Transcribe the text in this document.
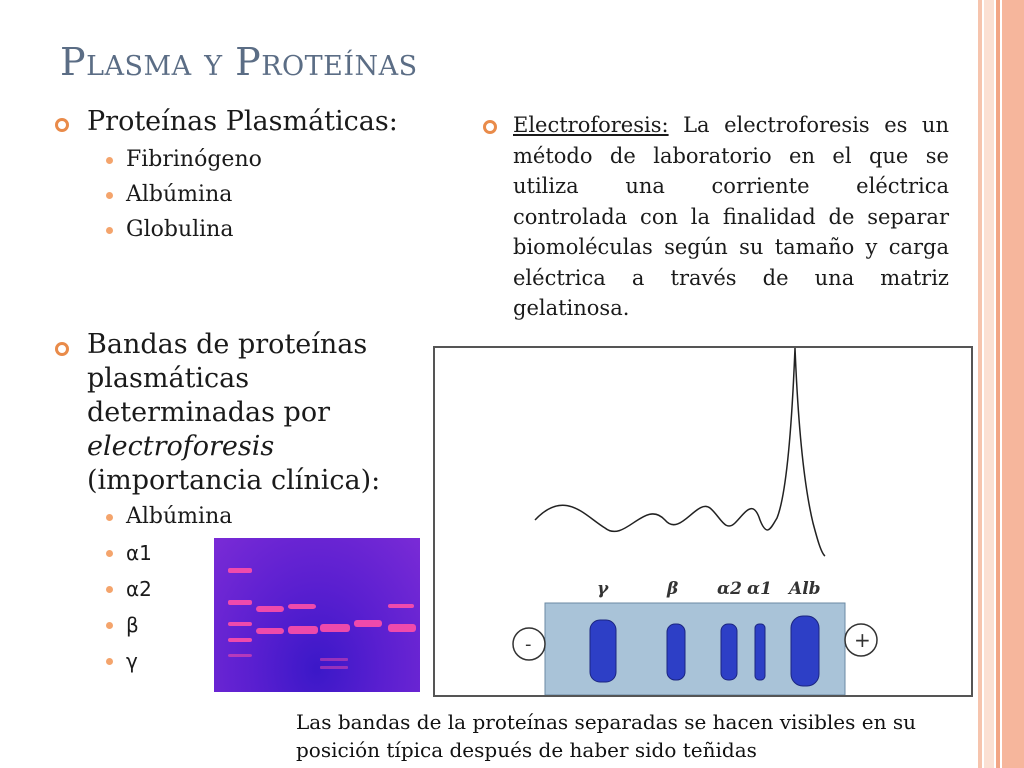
Plasma y Proteínas
Proteínas Plasmáticas:
Fibrinógeno
Albúmina
Globulina
Bandas de proteínas
plasmáticas
determinadas por
electroforesis
(importancia clínica):
Albúmina
α1
α2
β
γ
Electroforesis: La electroforesis es un método de laboratorio en el que se utiliza una corriente eléctrica controlada con la finalidad de separar biomoléculas según su tamaño y carga eléctrica a través de una matriz gelatinosa.
γ	β α2 α1 Alb
-	+
Las bandas de la proteínas separadas se hacen visibles en su posición típica después de haber sido teñidas
